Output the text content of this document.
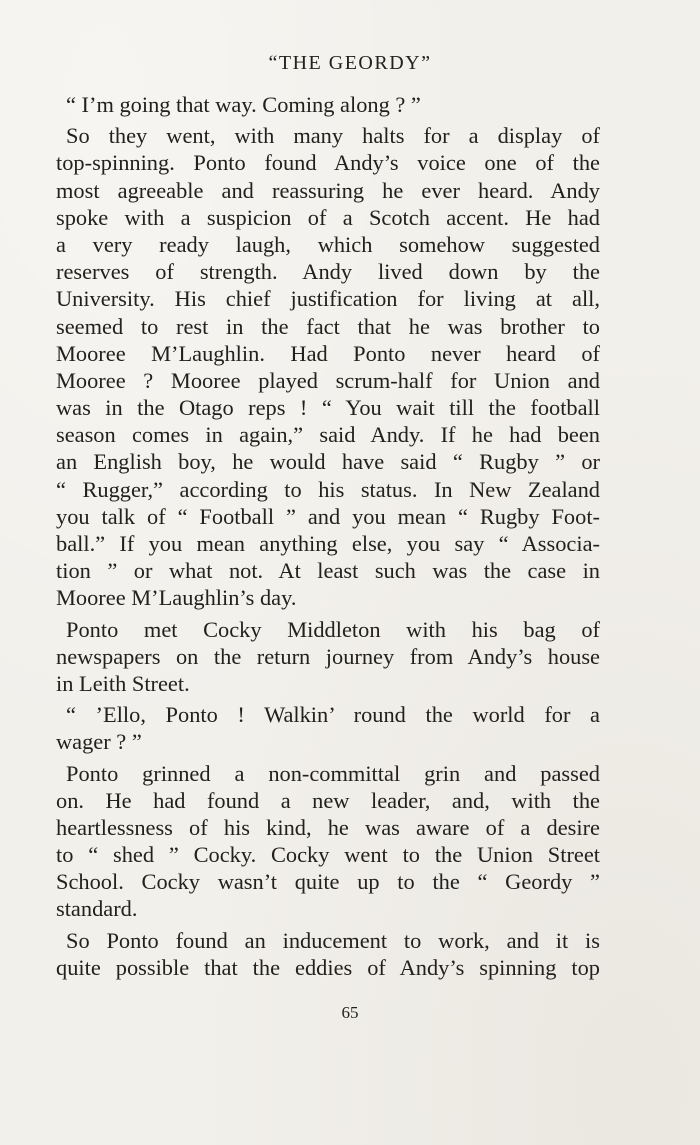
“THE GEORDY”
“ I’m going that way. Coming along ? ”
So they went, with many halts for a display of
top-spinning. Ponto found Andy’s voice one of the
most agreeable and reassuring he ever heard. Andy
spoke with a suspicion of a Scotch accent. He had
a very ready laugh, which somehow suggested
reserves of strength. Andy lived down by the
University. His chief justification for living at all,
seemed to rest in the fact that he was brother to
Mooree M’Laughlin. Had Ponto never heard of
Mooree ? Mooree played scrum-half for Union and
was in the Otago reps ! “ You wait till the football
season comes in again,” said Andy. If he had been
an English boy, he would have said “ Rugby ” or
“ Rugger,” according to his status. In New Zealand
you talk of “ Football ” and you mean “ Rugby Foot-
ball.” If you mean anything else, you say “ Associa-
tion ” or what not. At least such was the case in
Mooree M’Laughlin’s day.
Ponto met Cocky Middleton with his bag of
newspapers on the return journey from Andy’s house
in Leith Street.
“ ’Ello, Ponto ! Walkin’ round the world for a
wager ? ”
Ponto grinned a non-committal grin and passed
on. He had found a new leader, and, with the
heartlessness of his kind, he was aware of a desire
to “ shed ” Cocky. Cocky went to the Union Street
School. Cocky wasn’t quite up to the “ Geordy ”
standard.
So Ponto found an inducement to work, and it is
quite possible that the eddies of Andy’s spinning top
65
